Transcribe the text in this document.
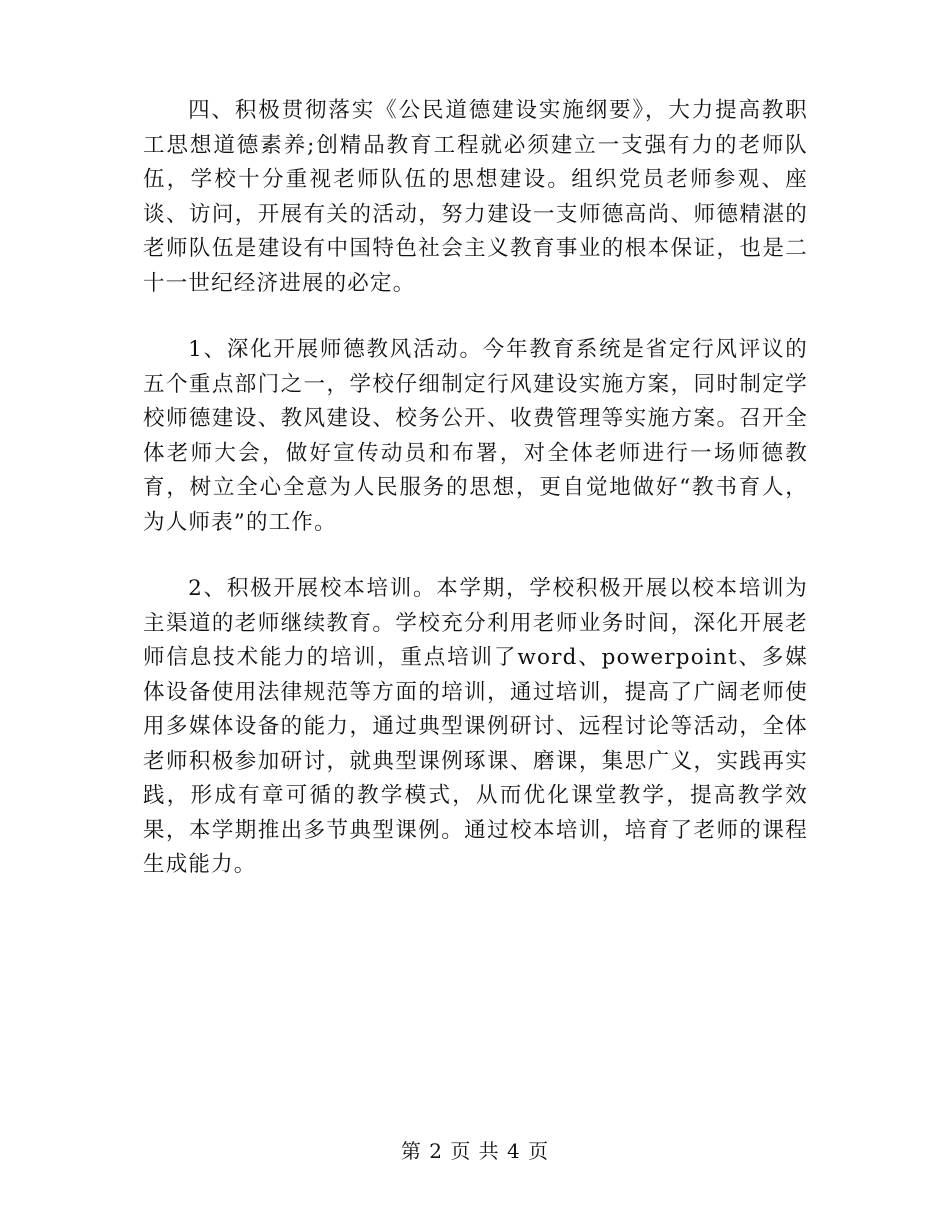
四、积极贯彻落实《公民道德建设实施纲要》，大力提高教职工思想道德素养;创精品教育工程就必须建立一支强有力的老师队伍，学校十分重视老师队伍的思想建设。组织党员老师参观、座谈、访问，开展有关的活动，努力建设一支师德高尚、师德精湛的老师队伍是建设有中国特色社会主义教育事业的根本保证，也是二十一世纪经济进展的必定。

1、深化开展师德教风活动。今年教育系统是省定行风评议的五个重点部门之一，学校仔细制定行风建设实施方案，同时制定学校师德建设、教风建设、校务公开、收费管理等实施方案。召开全体老师大会，做好宣传动员和布署，对全体老师进行一场师德教育，树立全心全意为人民服务的思想，更自觉地做好“教书育人，为人师表”的工作。

2、积极开展校本培训。本学期，学校积极开展以校本培训为主渠道的老师继续教育。学校充分利用老师业务时间，深化开展老师信息技术能力的培训，重点培训了word、powerpoint、多媒体设备使用法律规范等方面的培训，通过培训，提高了广阔老师使用多媒体设备的能力，通过典型课例研讨、远程讨论等活动，全体老师积极参加研讨，就典型课例琢课、磨课，集思广义，实践再实践，形成有章可循的教学模式，从而优化课堂教学，提高教学效果，本学期推出多节典型课例。通过校本培训，培育了老师的课程生成能力。

第 2 页 共 4 页
